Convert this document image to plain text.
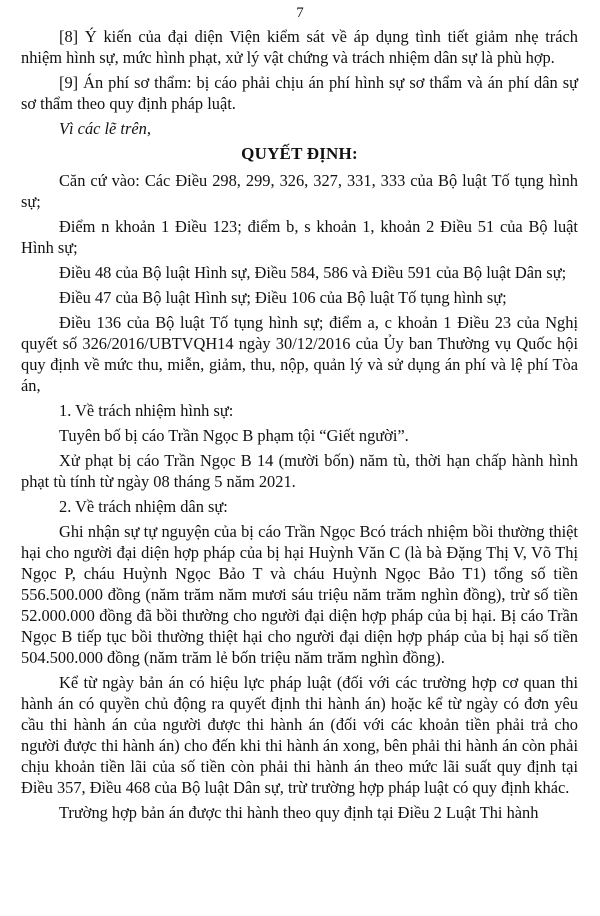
7

[8] Ý kiến của đại diện Viện kiểm sát về áp dụng tình tiết giảm nhẹ trách nhiệm hình sự, mức hình phạt, xử lý vật chứng và trách nhiệm dân sự là phù hợp.

[9] Án phí sơ thẩm: bị cáo phải chịu án phí hình sự sơ thẩm và án phí dân sự sơ thẩm theo quy định pháp luật.

Vì các lẽ trên,

QUYẾT ĐỊNH:

Căn cứ vào: Các Điều 298, 299, 326, 327, 331, 333 của Bộ luật Tố tụng hình sự;

Điểm n khoản 1 Điều 123; điểm b, s khoản 1, khoản 2 Điều 51 của Bộ luật Hình sự;

Điều 48 của Bộ luật Hình sự, Điều 584, 586 và Điều 591 của Bộ luật Dân sự;

Điều 47 của Bộ luật Hình sự; Điều 106 của Bộ luật Tố tụng hình sự;

Điều 136 của Bộ luật Tố tụng hình sự; điểm a, c khoản 1 Điều 23 của Nghị quyết số 326/2016/UBTVQH14 ngày 30/12/2016 của Ủy ban Thường vụ Quốc hội quy định về mức thu, miễn, giảm, thu, nộp, quản lý và sử dụng án phí và lệ phí Tòa án,

1. Về trách nhiệm hình sự:

Tuyên bố bị cáo Trần Ngọc B phạm tội “Giết người”.

Xử phạt bị cáo Trần Ngọc B 14 (mười bốn) năm tù, thời hạn chấp hành hình phạt tù tính từ ngày 08 tháng 5 năm 2021.

2. Về trách nhiệm dân sự:

Ghi nhận sự tự nguyện của bị cáo Trần Ngọc Bcó trách nhiệm bồi thường thiệt hại cho người đại diện hợp pháp của bị hại Huỳnh Văn C (là bà Đặng Thị V, Võ Thị Ngọc P, cháu Huỳnh Ngọc Bảo T và cháu Huỳnh Ngọc Bảo T1) tổng số tiền 556.500.000 đồng (năm trăm năm mươi sáu triệu năm trăm nghìn đồng), trừ số tiền 52.000.000 đồng đã bồi thường cho người đại diện hợp pháp của bị hại. Bị cáo Trần Ngọc B tiếp tục bồi thường thiệt hại cho người đại diện hợp pháp của bị hại số tiền 504.500.000 đồng (năm trăm lẻ bốn triệu năm trăm nghìn đồng).

Kể từ ngày bản án có hiệu lực pháp luật (đối với các trường hợp cơ quan thi hành án có quyền chủ động ra quyết định thi hành án) hoặc kể từ ngày có đơn yêu cầu thi hành án của người được thi hành án (đối với các khoản tiền phải trả cho người được thi hành án) cho đến khi thi hành án xong, bên phải thi hành án còn phải chịu khoản tiền lãi của số tiền còn phải thi hành án theo mức lãi suất quy định tại Điều 357, Điều 468 của Bộ luật Dân sự, trừ trường hợp pháp luật có quy định khác.

Trường hợp bản án được thi hành theo quy định tại Điều 2 Luật Thi hành
